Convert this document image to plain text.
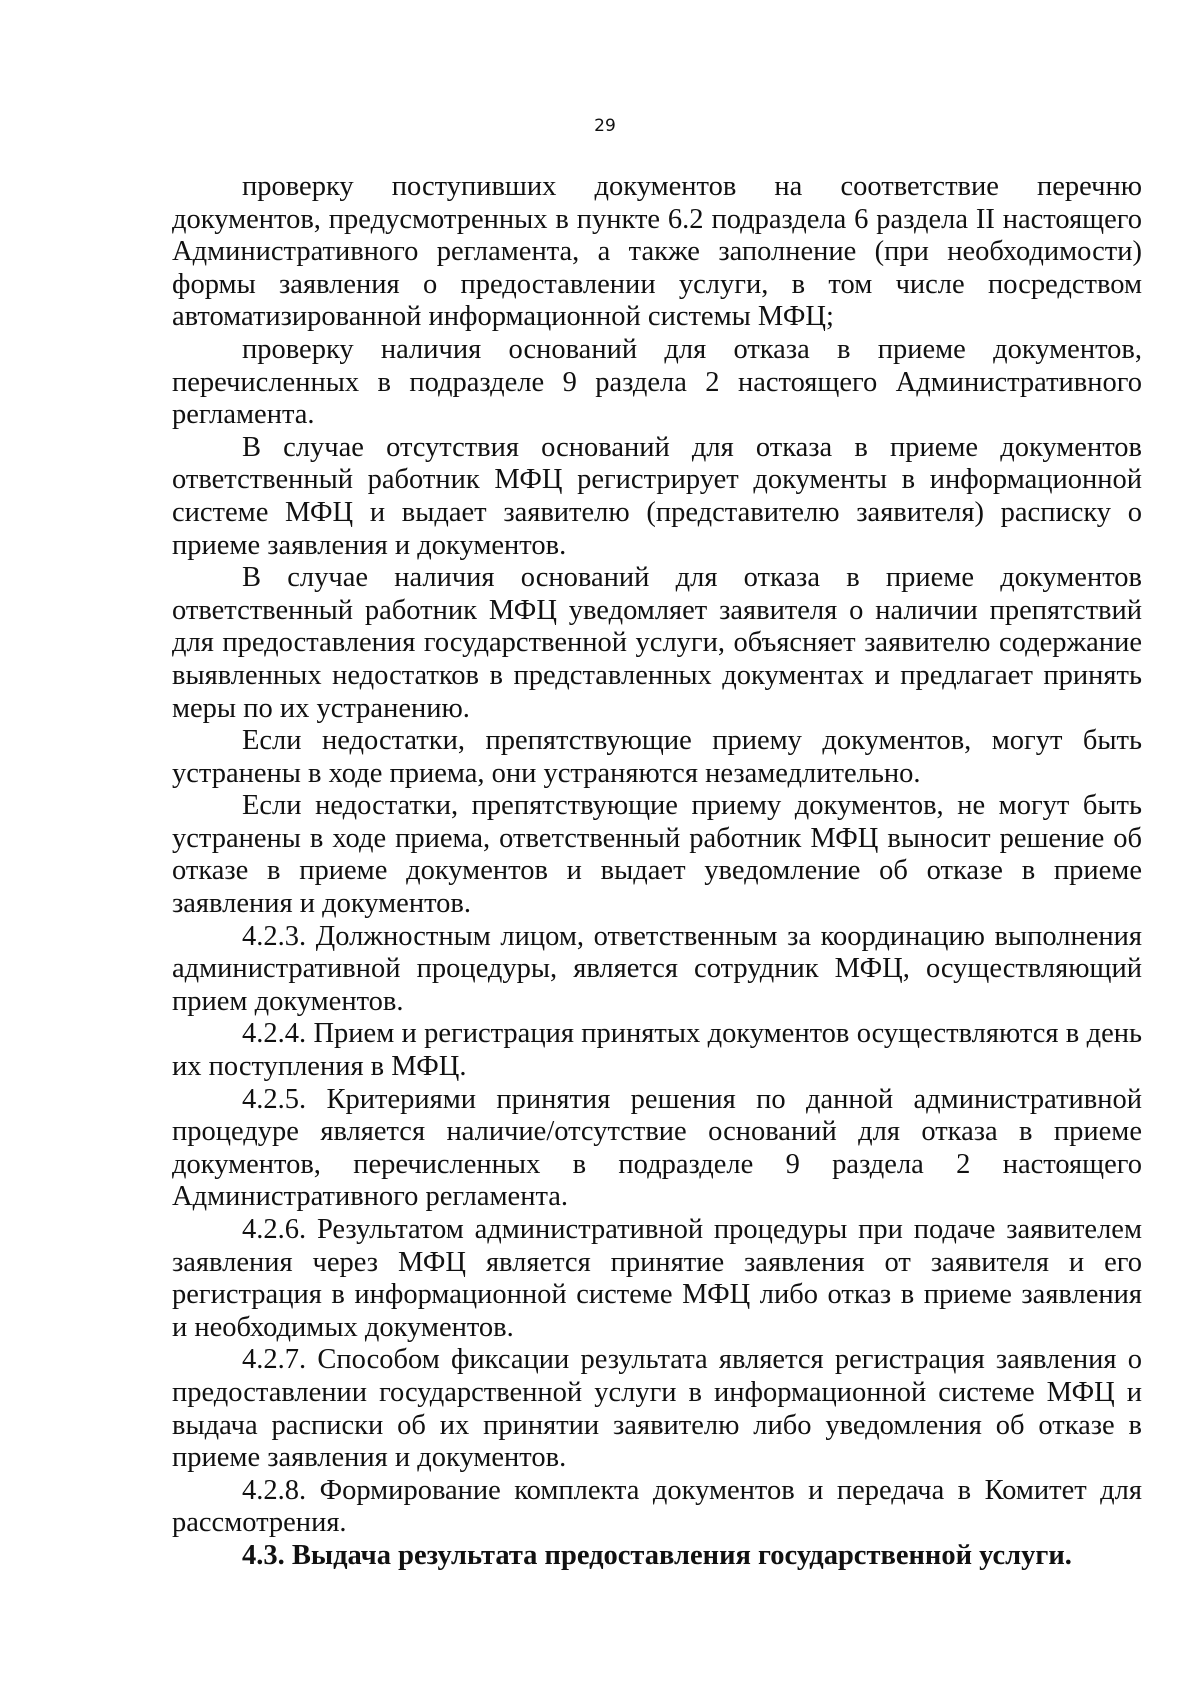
29

проверку поступивших документов на соответствие перечню документов, предусмотренных в пункте 6.2 подраздела 6 раздела II настоящего Административного регламента, а также заполнение (при необходимости) формы заявления о предоставлении услуги, в том числе посредством автоматизированной информационной системы МФЦ;

проверку наличия оснований для отказа в приеме документов, перечисленных в подразделе 9 раздела 2 настоящего Административного регламента.

В случае отсутствия оснований для отказа в приеме документов ответственный работник МФЦ регистрирует документы в информационной системе МФЦ и выдает заявителю (представителю заявителя) расписку о приеме заявления и документов.

В случае наличия оснований для отказа в приеме документов ответственный работник МФЦ уведомляет заявителя о наличии препятствий для предоставления государственной услуги, объясняет заявителю содержание выявленных недостатков в представленных документах и предлагает принять меры по их устранению.

Если недостатки, препятствующие приему документов, могут быть устранены в ходе приема, они устраняются незамедлительно.

Если недостатки, препятствующие приему документов, не могут быть устранены в ходе приема, ответственный работник МФЦ выносит решение об отказе в приеме документов и выдает уведомление об отказе в приеме заявления и документов.

4.2.3. Должностным лицом, ответственным за координацию выполнения административной процедуры, является сотрудник МФЦ, осуществляющий прием документов.

4.2.4. Прием и регистрация принятых документов осуществляются в день их поступления в МФЦ.

4.2.5. Критериями принятия решения по данной административной процедуре является наличие/отсутствие оснований для отказа в приеме документов, перечисленных в подразделе 9 раздела 2 настоящего Административного регламента.

4.2.6. Результатом административной процедуры при подаче заявителем заявления через МФЦ является принятие заявления от заявителя и его регистрация в информационной системе МФЦ либо отказ в приеме заявления и необходимых документов.

4.2.7. Способом фиксации результата является регистрация заявления о предоставлении государственной услуги в информационной системе МФЦ и выдача расписки об их принятии заявителю либо уведомления об отказе в приеме заявления и документов.

4.2.8. Формирование комплекта документов и передача в Комитет для рассмотрения.

4.3. Выдача результата предоставления государственной услуги.
